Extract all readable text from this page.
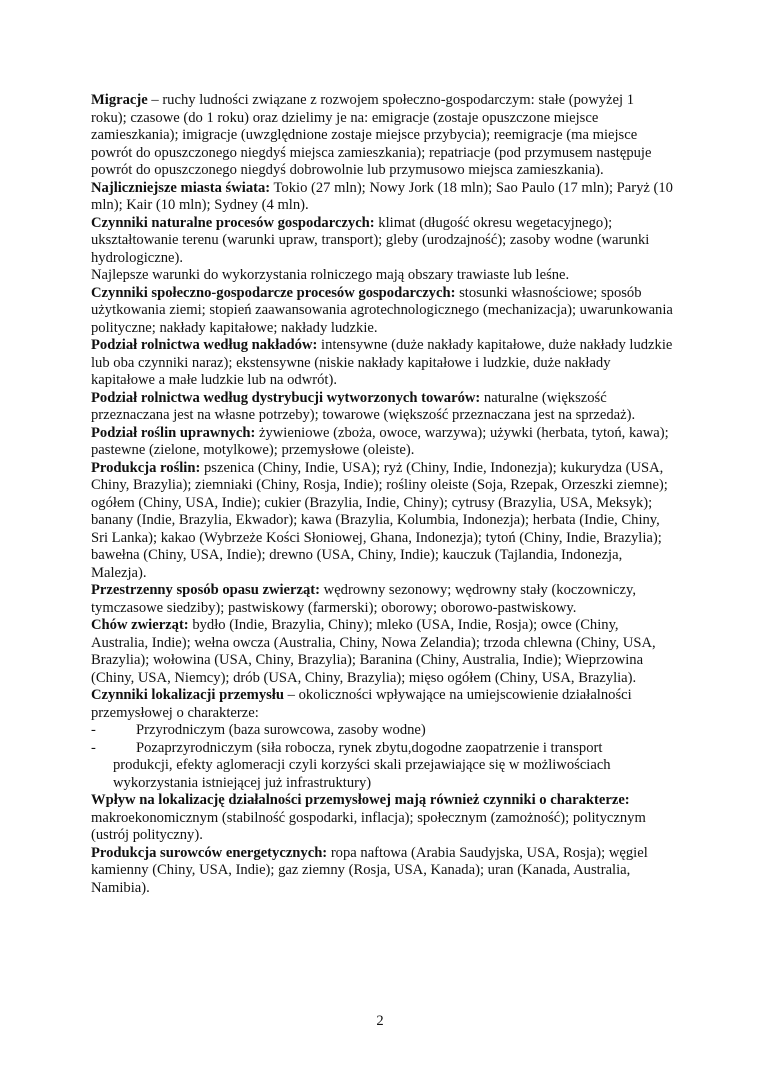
Migracje – ruchy ludności związane z rozwojem społeczno-gospodarczym: stałe (powyżej 1 roku); czasowe (do 1 roku) oraz dzielimy je na: emigracje (zostaje opuszczone miejsce zamieszkania); imigracje (uwzględnione zostaje miejsce przybycia); reemigracje (ma miejsce powrót do opuszczonego niegdyś miejsca zamieszkania); repatriacje (pod przymusem następuje powrót do opuszczonego niegdyś dobrowolnie lub przymusowo miejsca zamieszkania).

Najliczniejsze miasta świata: Tokio (27 mln); Nowy Jork (18 mln); Sao Paulo (17 mln); Paryż (10 mln); Kair (10 mln); Sydney (4 mln).

Czynniki naturalne procesów gospodarczych: klimat (długość okresu wegetacyjnego); ukształtowanie terenu (warunki upraw, transport); gleby (urodzajność); zasoby wodne (warunki hydrologiczne).

Najlepsze warunki do wykorzystania rolniczego mają obszary trawiaste lub leśne.

Czynniki społeczno-gospodarcze procesów gospodarczych: stosunki własnościowe; sposób użytkowania ziemi; stopień zaawansowania agrotechnologicznego (mechanizacja); uwarunkowania polityczne; nakłady kapitałowe; nakłady ludzkie.

Podział rolnictwa według nakładów: intensywne (duże nakłady kapitałowe, duże nakłady ludzkie lub oba czynniki naraz); ekstensywne (niskie nakłady kapitałowe i ludzkie, duże nakłady kapitałowe a małe ludzkie lub na odwrót).

Podział rolnictwa według dystrybucji wytworzonych towarów: naturalne (większość przeznaczana jest na własne potrzeby); towarowe (większość przeznaczana jest na sprzedaż).

Podział roślin uprawnych: żywieniowe (zboża, owoce, warzywa); używki (herbata, tytoń, kawa); pastewne (zielone, motylkowe); przemysłowe (oleiste).

Produkcja roślin: pszenica (Chiny, Indie, USA); ryż (Chiny, Indie, Indonezja); kukurydza (USA, Chiny, Brazylia); ziemniaki (Chiny, Rosja, Indie); rośliny oleiste (Soja, Rzepak, Orzeszki ziemne); ogółem (Chiny, USA, Indie); cukier (Brazylia, Indie, Chiny); cytrusy (Brazylia, USA, Meksyk); banany (Indie, Brazylia, Ekwador); kawa (Brazylia, Kolumbia, Indonezja); herbata (Indie, Chiny, Sri Lanka); kakao (Wybrzeże Kości Słoniowej, Ghana, Indonezja); tytoń (Chiny, Indie, Brazylia); bawełna (Chiny, USA, Indie); drewno (USA, Chiny, Indie); kauczuk (Tajlandia, Indonezja, Malezja).

Przestrzenny sposób opasu zwierząt: wędrowny sezonowy; wędrowny stały (koczowniczy, tymczasowe siedziby); pastwiskowy (farmerski); oborowy; oborowo-pastwiskowy.

Chów zwierząt: bydło (Indie, Brazylia, Chiny); mleko (USA, Indie, Rosja); owce (Chiny, Australia, Indie); wełna owcza (Australia, Chiny, Nowa Zelandia); trzoda chlewna (Chiny, USA, Brazylia); wołowina (USA, Chiny, Brazylia); Baranina (Chiny, Australia, Indie); Wieprzowina (Chiny, USA, Niemcy); drób (USA, Chiny, Brazylia); mięso ogółem (Chiny, USA, Brazylia).

Czynniki lokalizacji przemysłu – okoliczności wpływające na umiejscowienie działalności przemysłowej o charakterze:

-	Przyrodniczym (baza surowcowa, zasoby wodne)

-	Pozaprzyrodniczym (siła robocza, rynek zbytu,dogodne zaopatrzenie i transport

produkcji, efekty aglomeracji czyli korzyści skali przejawiające się w możliwościach wykorzystania istniejącej już infrastruktury)

Wpływ na lokalizację działalności przemysłowej mają również czynniki o charakterze: makroekonomicznym (stabilność gospodarki, inflacja); społecznym (zamożność); politycznym (ustrój polityczny).

Produkcja surowców energetycznych: ropa naftowa (Arabia Saudyjska, USA, Rosja); węgiel kamienny (Chiny, USA, Indie); gaz ziemny (Rosja, USA, Kanada); uran (Kanada, Australia, Namibia).

2
